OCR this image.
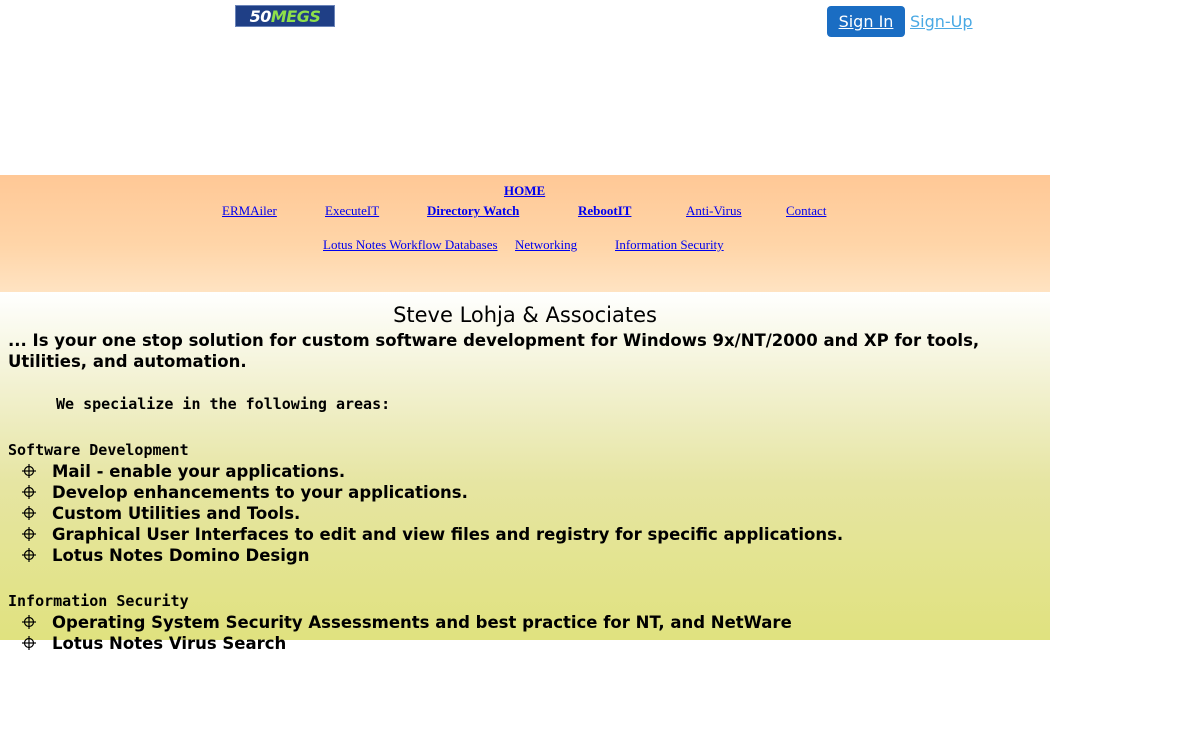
50 MEGS	Sign In	Sign-Up
HOME
ERMAiler	ExecuteIT	Directory Watch	RebootIT	Anti-Virus	Contact
Lotus Notes Workflow Databases Networking	Information Security
Steve Lohja & Associates
... Is your one stop solution for custom software development for Windows 9x/NT/2000 and XP for tools, Utilities, and automation.
We specialize in the following areas:
Software Development
Mail - enable your applications.
Develop enhancements to your applications.
Custom Utilities and Tools.
Graphical User Interfaces to edit and view files and registry for specific applications.
Lotus Notes Domino Design
Information Security
Operating System Security Assessments and best practice for NT, and NetWare
Lotus Notes Virus Search
